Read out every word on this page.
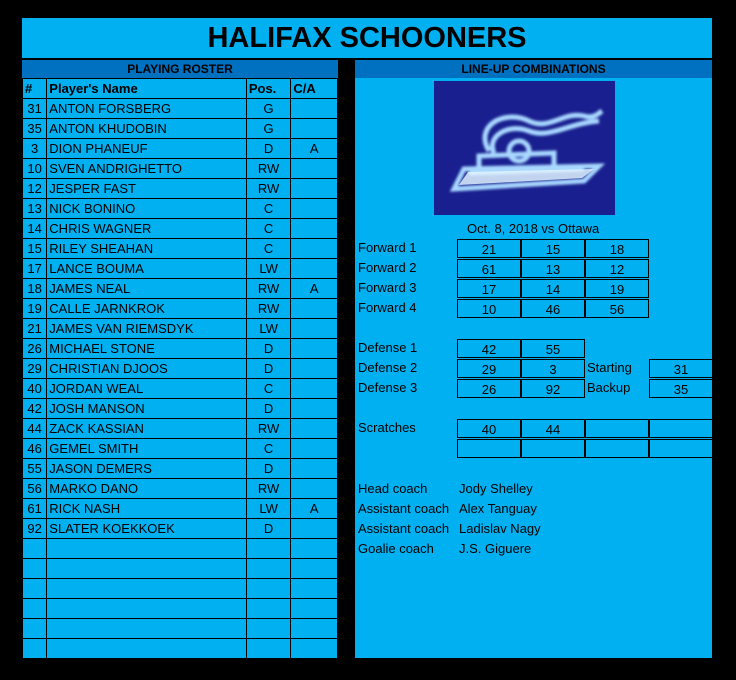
HALIFAX SCHOONERS
PLAYING ROSTER
#	Player's Name	Pos.	C/A
31	ANTON FORSBERG	G	
35	ANTON KHUDOBIN	G	
3	DION PHANEUF	D	A
10	SVEN ANDRIGHETTO	RW	
12	JESPER FAST	RW	
13	NICK BONINO	C	
14	CHRIS WAGNER	C	
15	RILEY SHEAHAN	C	
17	LANCE BOUMA	LW	
18	JAMES NEAL	RW	A
19	CALLE JARNKROK	RW	
21	JAMES VAN RIEMSDYK	LW	
26	MICHAEL STONE	D	
29	CHRISTIAN DJOOS	D	
40	JORDAN WEAL	C	
42	JOSH MANSON	D	
44	ZACK KASSIAN	RW	
46	GEMEL SMITH	C	
55	JASON DEMERS	D	
56	MARKO DANO	RW	
61	RICK NASH	LW	A
92	SLATER KOEKKOEK	D	

LINE-UP COMBINATIONS
Oct. 8, 2018 vs Ottawa
Forward 1	21	15	18
Forward 2	61	13	12
Forward 3	17	14	19
Forward 4	10	46	56
Defense 1	42	55
Defense 2	29	3
Defense 3	26	92
Starting	31
Backup	35
Scratches	40	44
Head coach Jody Shelley
Assistant coach Alex Tanguay
Assistant coach Ladislav Nagy
Goalie coach J.S. Giguere
